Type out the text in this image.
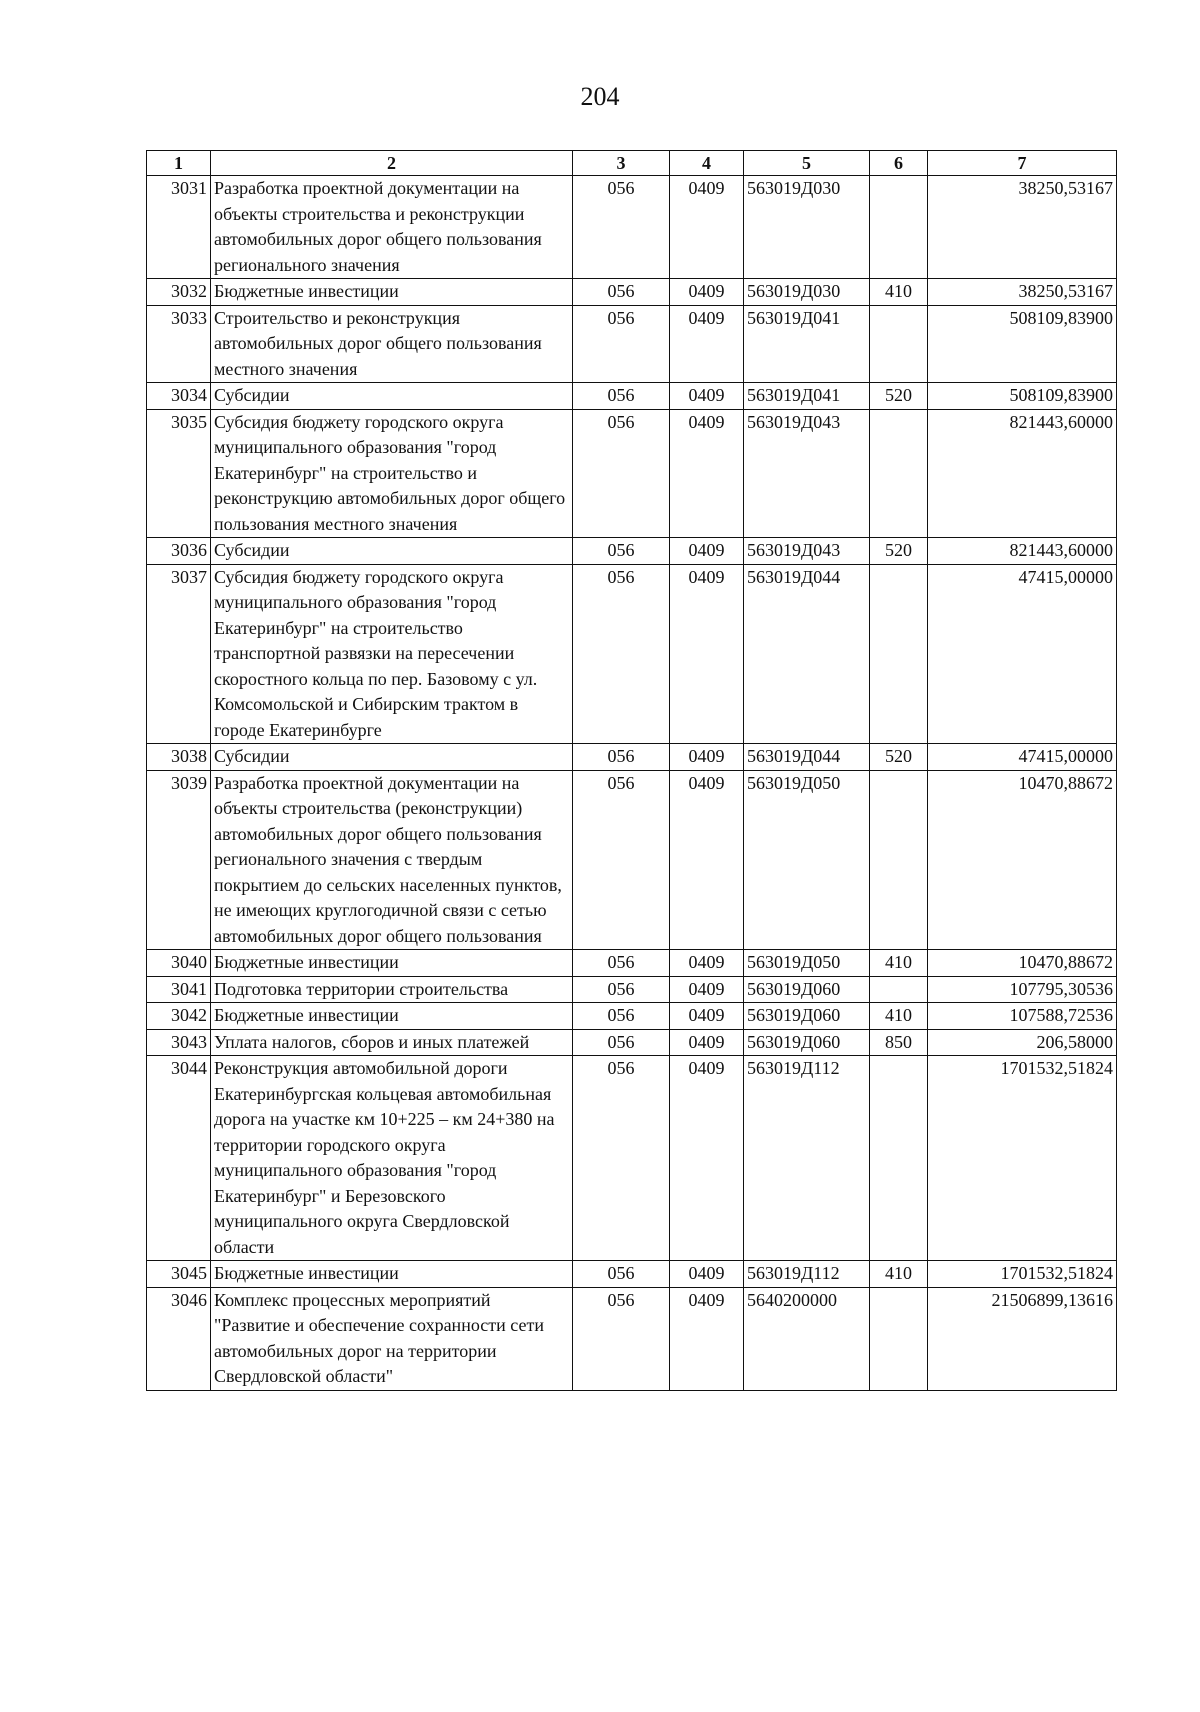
204
1	2	3	4	5	6	7
3031	Разработка проектной документации на объекты строительства и реконструкции автомобильных дорог общего пользования регионального значения	056	0409	563019Д030		38250,53167
3032	Бюджетные инвестиции	056	0409	563019Д030	410	38250,53167
3033	Строительство и реконструкция автомобильных дорог общего пользования местного значения	056	0409	563019Д041		508109,83900
3034	Субсидии	056	0409	563019Д041	520	508109,83900
3035	Субсидия бюджету городского округа муниципального образования "город Екатеринбург" на строительство и реконструкцию автомобильных дорог общего пользования местного значения	056	0409	563019Д043		821443,60000
3036	Субсидии	056	0409	563019Д043	520	821443,60000
3037	Субсидия бюджету городского округа муниципального образования "город Екатеринбург" на строительство транспортной развязки на пересечении скоростного кольца по пер. Базовому с ул. Комсомольской и Сибирским трактом в городе Екатеринбурге	056	0409	563019Д044		47415,00000
3038	Субсидии	056	0409	563019Д044	520	47415,00000
3039	Разработка проектной документации на объекты строительства (реконструкции) автомобильных дорог общего пользования регионального значения с твердым покрытием до сельских населенных пунктов, не имеющих круглогодичной связи с сетью автомобильных дорог общего пользования	056	0409	563019Д050		10470,88672
3040	Бюджетные инвестиции	056	0409	563019Д050	410	10470,88672
3041	Подготовка территории строительства	056	0409	563019Д060		107795,30536
3042	Бюджетные инвестиции	056	0409	563019Д060	410	107588,72536
3043	Уплата налогов, сборов и иных платежей	056	0409	563019Д060	850	206,58000
3044	Реконструкция автомобильной дороги Екатеринбургская кольцевая автомобильная дорога на участке км 10+225 – км 24+380 на территории городского округа муниципального образования "город Екатеринбург" и Березовского муниципального округа Свердловской области	056	0409	563019Д112		1701532,51824
3045	Бюджетные инвестиции	056	0409	563019Д112	410	1701532,51824
3046	Комплекс процессных мероприятий "Развитие и обеспечение сохранности сети автомобильных дорог на территории Свердловской области"	056	0409	5640200000		21506899,13616
